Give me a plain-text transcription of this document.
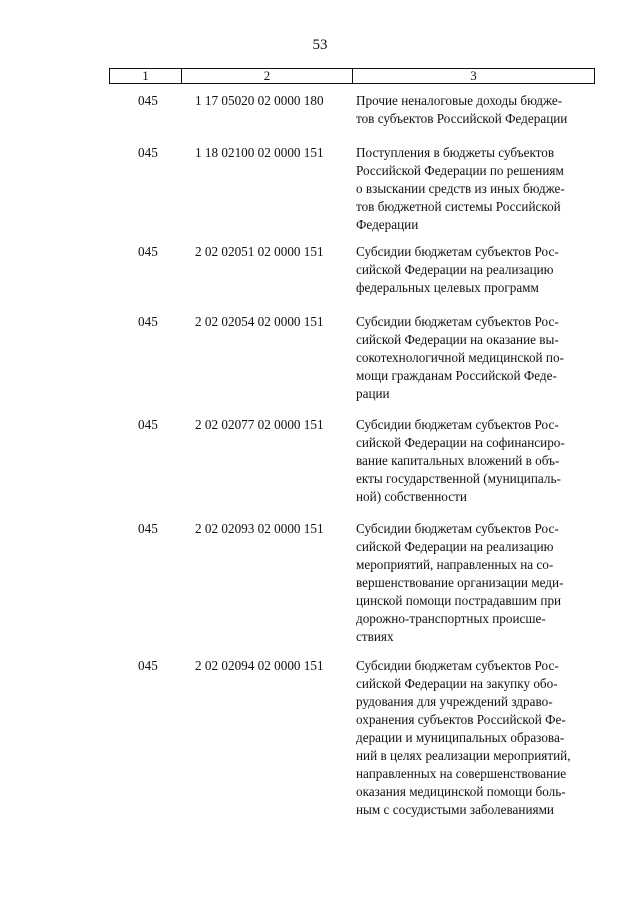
53
1	2	3
045	1 17 05020 02 0000 180	Прочие неналоговые доходы бюдже-
тов субъектов Российской Федерации
045	1 18 02100 02 0000 151	Поступления в бюджеты субъектов
Российской Федерации по решениям
о взыскании средств из иных бюдже-
тов бюджетной системы Российской
Федерации
045	2 02 02051 02 0000 151	Субсидии бюджетам субъектов Рос-
сийской Федерации на реализацию
федеральных целевых программ
045	2 02 02054 02 0000 151	Субсидии бюджетам субъектов Рос-
сийской Федерации на оказание вы-
сокотехнологичной медицинской по-
мощи гражданам Российской Феде-
рации
045	2 02 02077 02 0000 151	Субсидии бюджетам субъектов Рос-
сийской Федерации на софинансиро-
вание капитальных вложений в объ-
екты государственной (муниципаль-
ной) собственности
045	2 02 02093 02 0000 151	Субсидии бюджетам субъектов Рос-
сийской Федерации на реализацию
мероприятий, направленных на со-
вершенствование организации меди-
цинской помощи пострадавшим при
дорожно-транспортных происше-
ствиях
045	2 02 02094 02 0000 151	Субсидии бюджетам субъектов Рос-
сийской Федерации на закупку обо-
рудования для учреждений здраво-
охранения субъектов Российской Фе-
дерации и муниципальных образова-
ний в целях реализации мероприятий,
направленных на совершенствование
оказания медицинской помощи боль-
ным с сосудистыми заболеваниями
